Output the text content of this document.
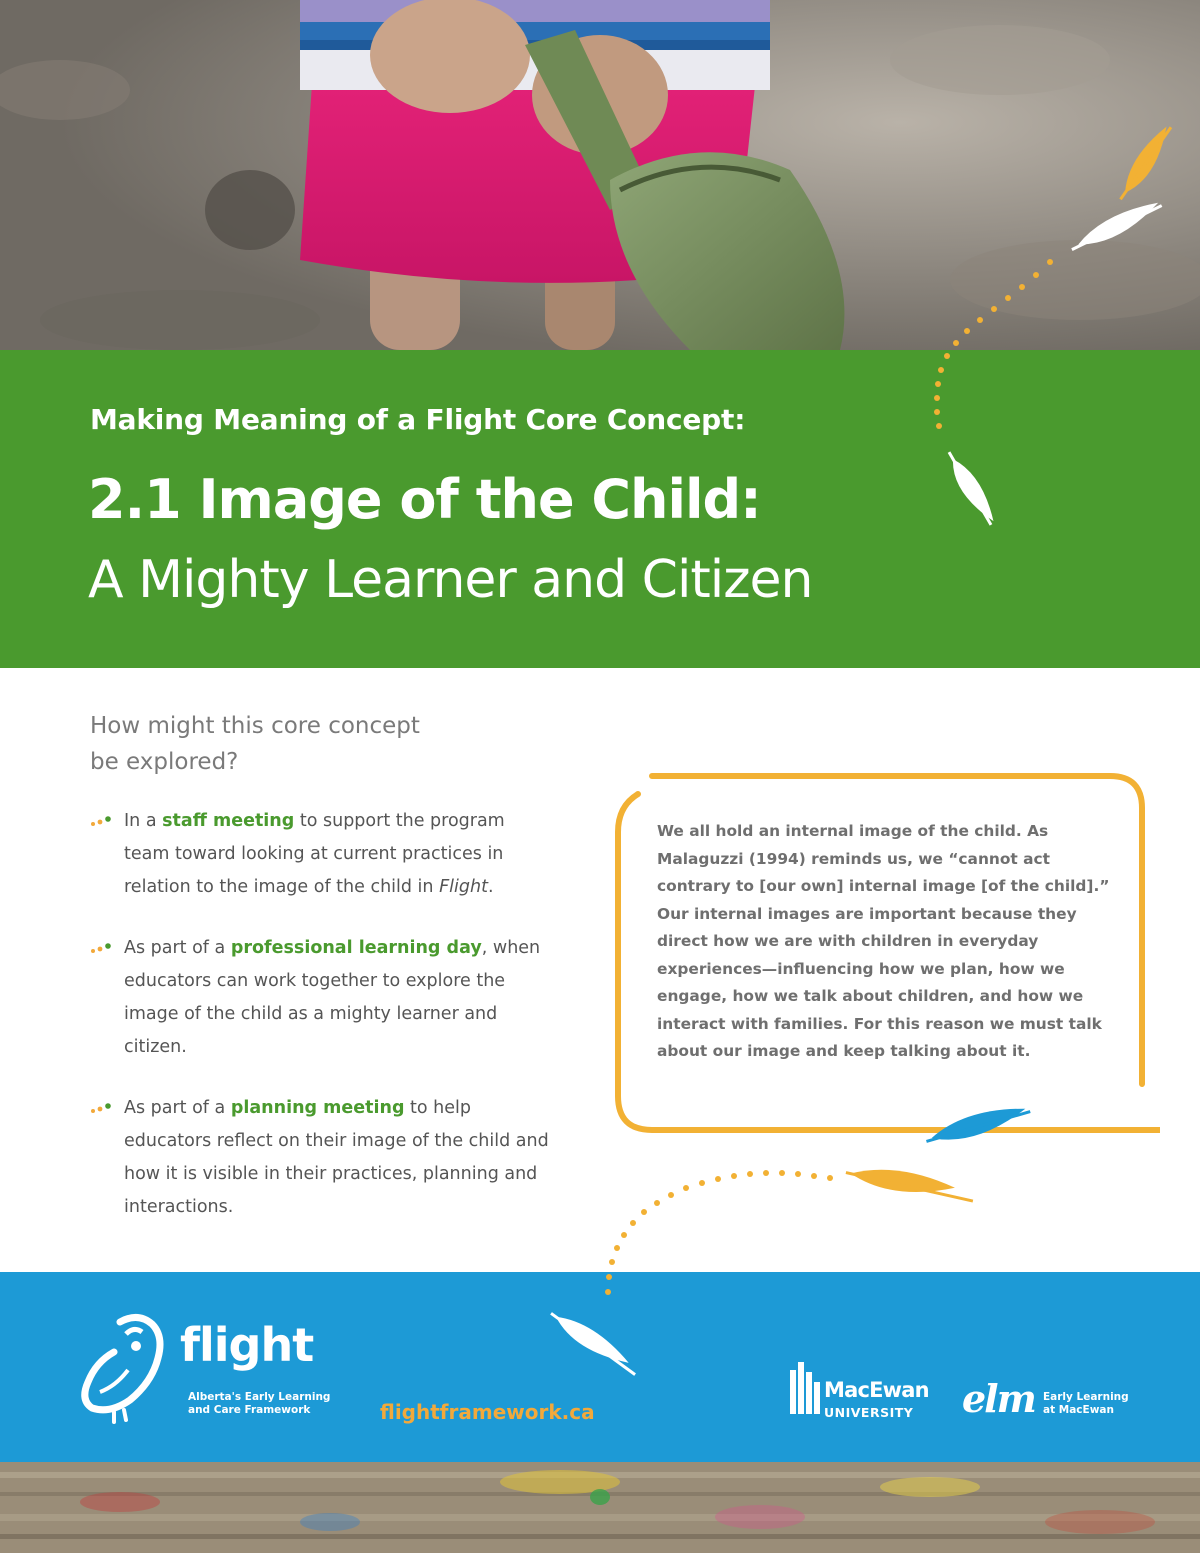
Making Meaning of a Flight Core Concept:

2.1 Image of the Child:
A Mighty Learner and Citizen

How might this core concept
be explored?

In a staff meeting to support the program team toward looking at current practices in relation to the image of the child in Flight.
As part of a professional learning day, when educators can work together to explore the image of the child as a mighty learner and citizen.
As part of a planning meeting to help educators reflect on their image of the child and how it is visible in their practices, planning and interactions.

We all hold an internal image of the child. As Malaguzzi (1994) reminds us, we “cannot act contrary to [our own] internal image [of the child].” Our internal images are important because they direct how we are with children in everyday experiences—influencing how we plan, how we engage, how we talk about children, and how we interact with families. For this reason we must talk about our image and keep talking about it.

flight

Alberta's Early Learning
and Care Framework	flightframework.ca

MacEwan

UNIVERSITY elm Early Learning
at MacEwan
